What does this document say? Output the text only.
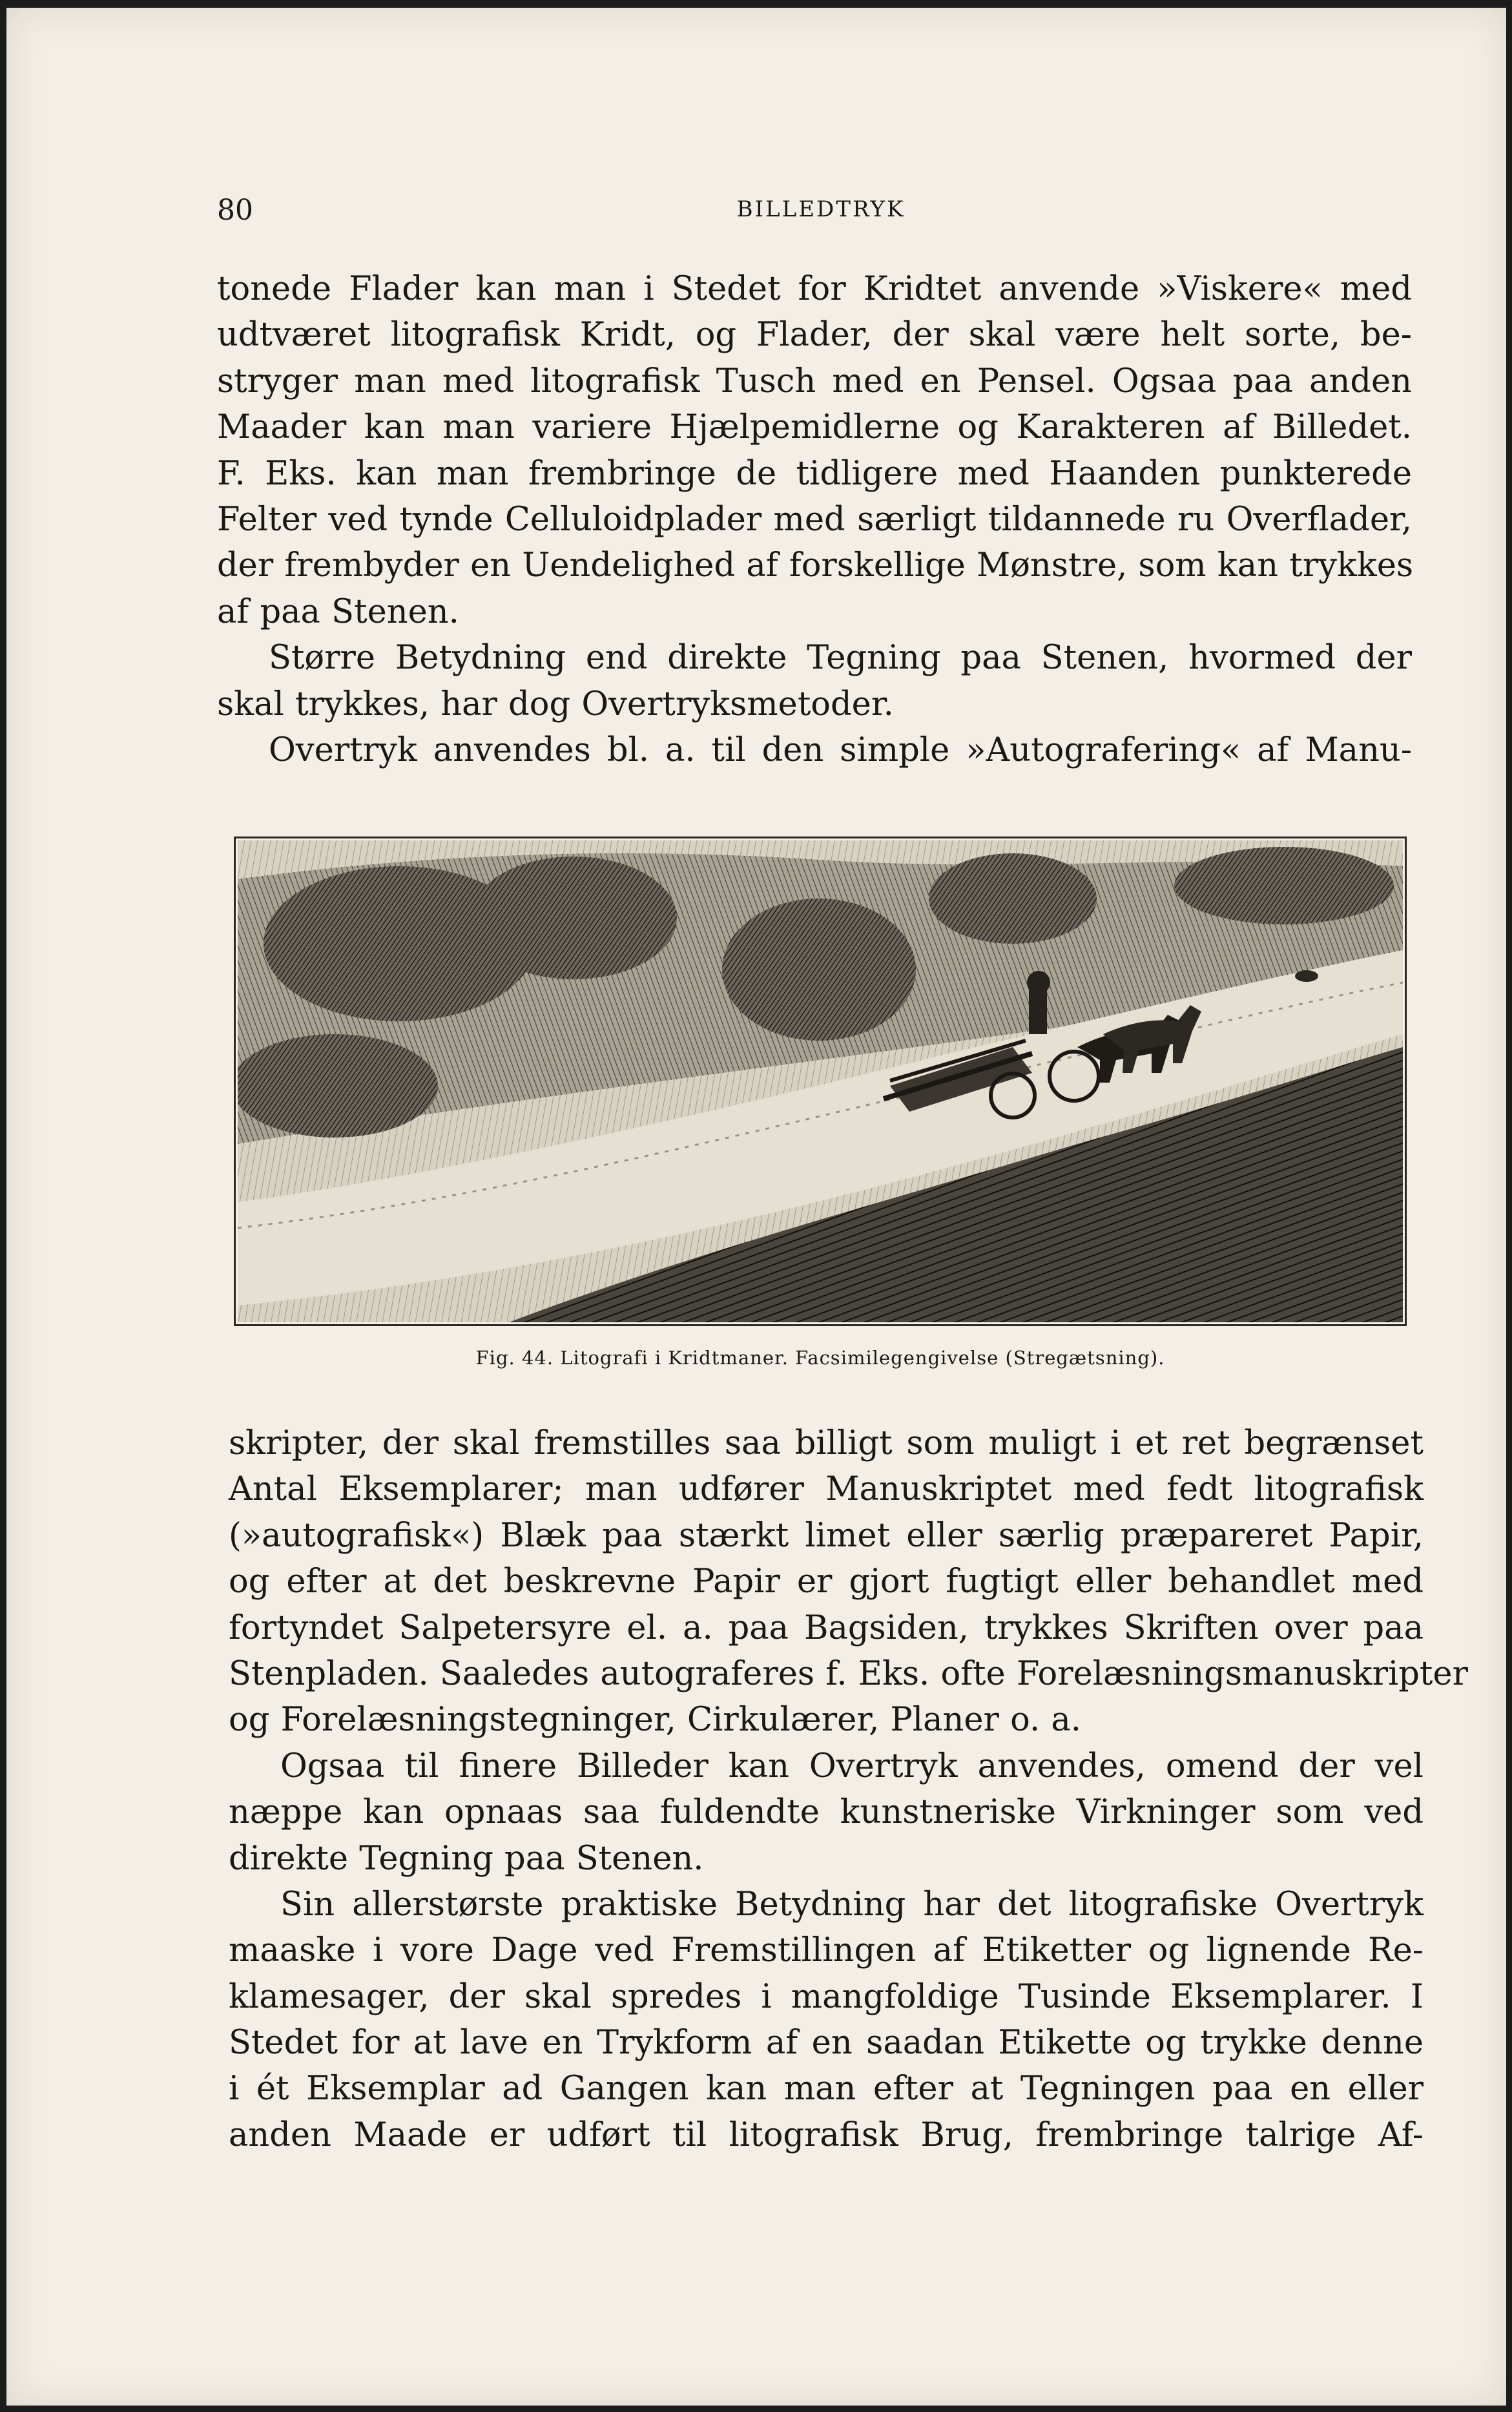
80	BILLEDTRYK
tonede Flader kan man i Stedet for Kridtet anvende »Viskere« med
udtværet litografisk Kridt, og Flader, der skal være helt sorte, be-
stryger man med litografisk Tusch med en Pensel. Ogsaa paa anden
Maader kan man variere Hjælpemidlerne og Karakteren af Billedet.
F. Eks. kan man frembringe de tidligere med Haanden punkterede
Felter ved tynde Celluloidplader med særligt tildannede ru Overflader,
der frembyder en Uendelighed af forskellige Mønstre, som kan trykkes
af paa Stenen.
Større Betydning end direkte Tegning paa Stenen, hvormed der
skal trykkes, har dog Overtryksmetoder.
Overtryk anvendes bl. a. til den simple »Autografering« af Manu-
Fig. 44. Litografi i Kridtmaner. Facsimilegengivelse (Stregætsning).
skripter, der skal fremstilles saa billigt som muligt i et ret begrænset
Antal Eksemplarer; man udfører Manuskriptet med fedt litografisk
(»autografisk«) Blæk paa stærkt limet eller særlig præpareret Papir,
og efter at det beskrevne Papir er gjort fugtigt eller behandlet med
fortyndet Salpetersyre el. a. paa Bagsiden, trykkes Skriften over paa
Stenpladen. Saaledes autograferes f. Eks. ofte Forelæsningsmanuskripter
og Forelæsningstegninger, Cirkulærer, Planer o. a.
Ogsaa til finere Billeder kan Overtryk anvendes, omend der vel
næppe kan opnaas saa fuldendte kunstneriske Virkninger som ved
direkte Tegning paa Stenen.
Sin allerstørste praktiske Betydning har det litografiske Overtryk
maaske i vore Dage ved Fremstillingen af Etiketter og lignende Re-
klamesager, der skal spredes i mangfoldige Tusinde Eksemplarer. I
Stedet for at lave en Trykform af en saadan Etikette og trykke denne
i ét Eksemplar ad Gangen kan man efter at Tegningen paa en eller
anden Maade er udført til litografisk Brug, frembringe talrige Af-
